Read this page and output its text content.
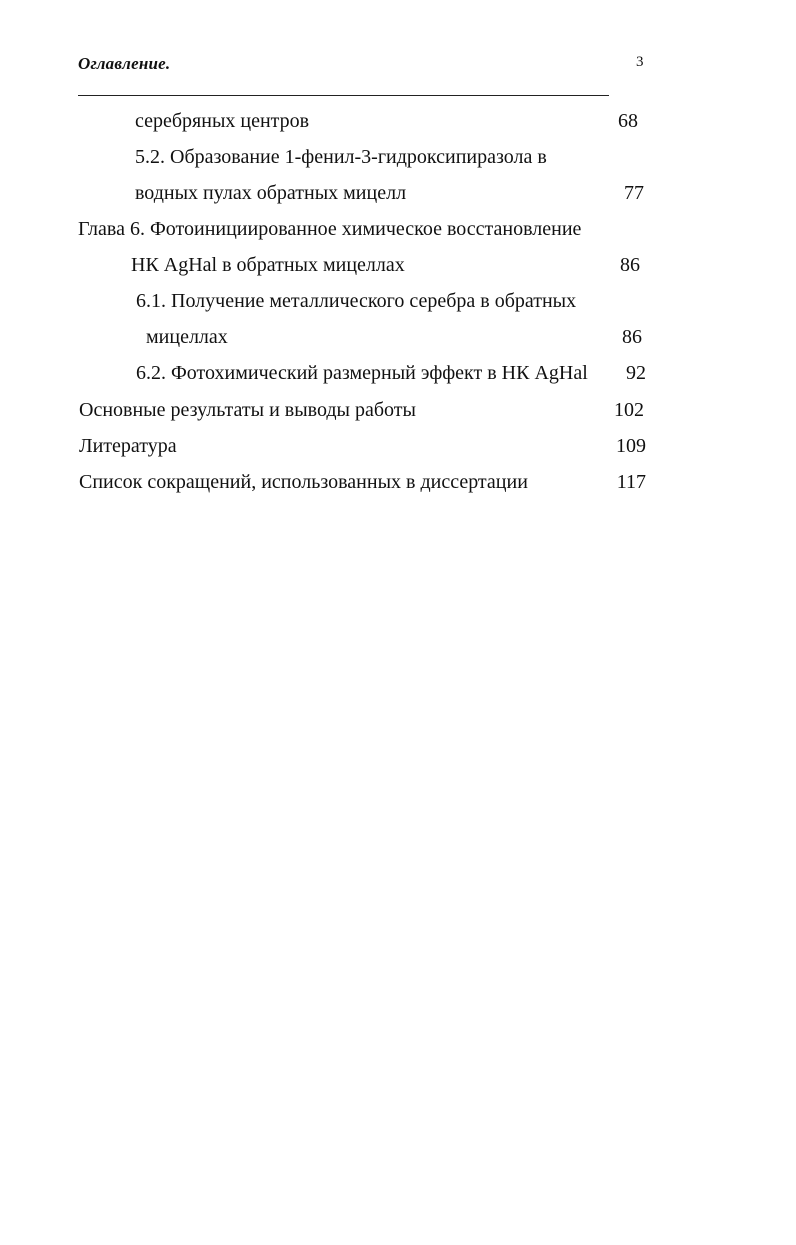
Оглавление.	3
серебряных центров	68
5.2. Образование 1-фенил-3-гидроксипиразола в
водных пулах обратных мицелл	77
Глава 6. Фотоинициированное химическое восстановление
НК AgHal в обратных мицеллах	86
6.1. Получение металлического серебра в обратных
мицеллах	86
6.2. Фотохимический размерный эффект в НК AgHal 92
Основные результаты и выводы работы	102
Литература	109
Список сокращений, использованных в диссертации	117
